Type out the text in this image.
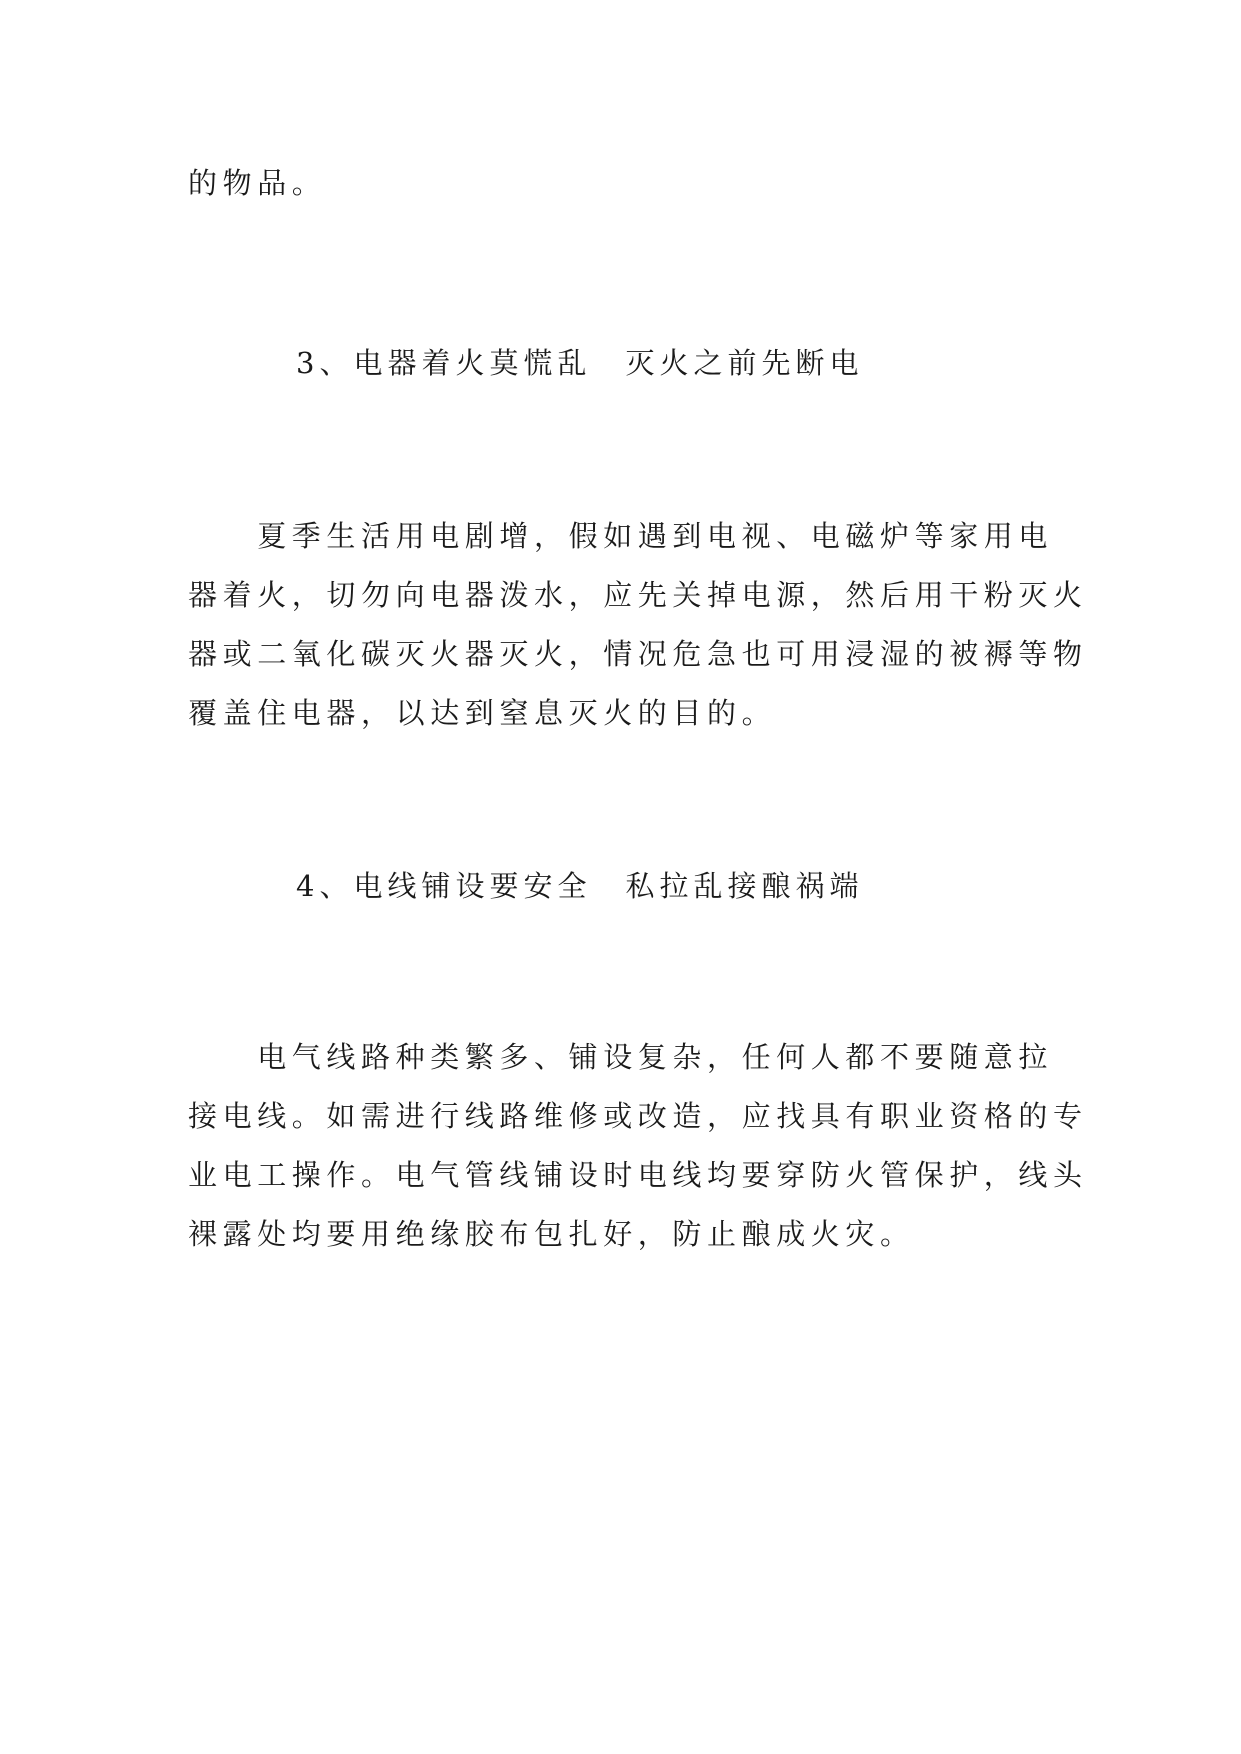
的物品。

3、电器着火莫慌乱　灭火之前先断电

　　夏季生活用电剧增，假如遇到电视、电磁炉等家用电

器着火，切勿向电器泼水，应先关掉电源，然后用干粉灭火

器或二氧化碳灭火器灭火，情况危急也可用浸湿的被褥等物

覆盖住电器，以达到窒息灭火的目的。

4、电线铺设要安全　私拉乱接酿祸端

　　电气线路种类繁多、铺设复杂，任何人都不要随意拉

接电线。如需进行线路维修或改造，应找具有职业资格的专

业电工操作。电气管线铺设时电线均要穿防火管保护，线头

裸露处均要用绝缘胶布包扎好，防止酿成火灾。
